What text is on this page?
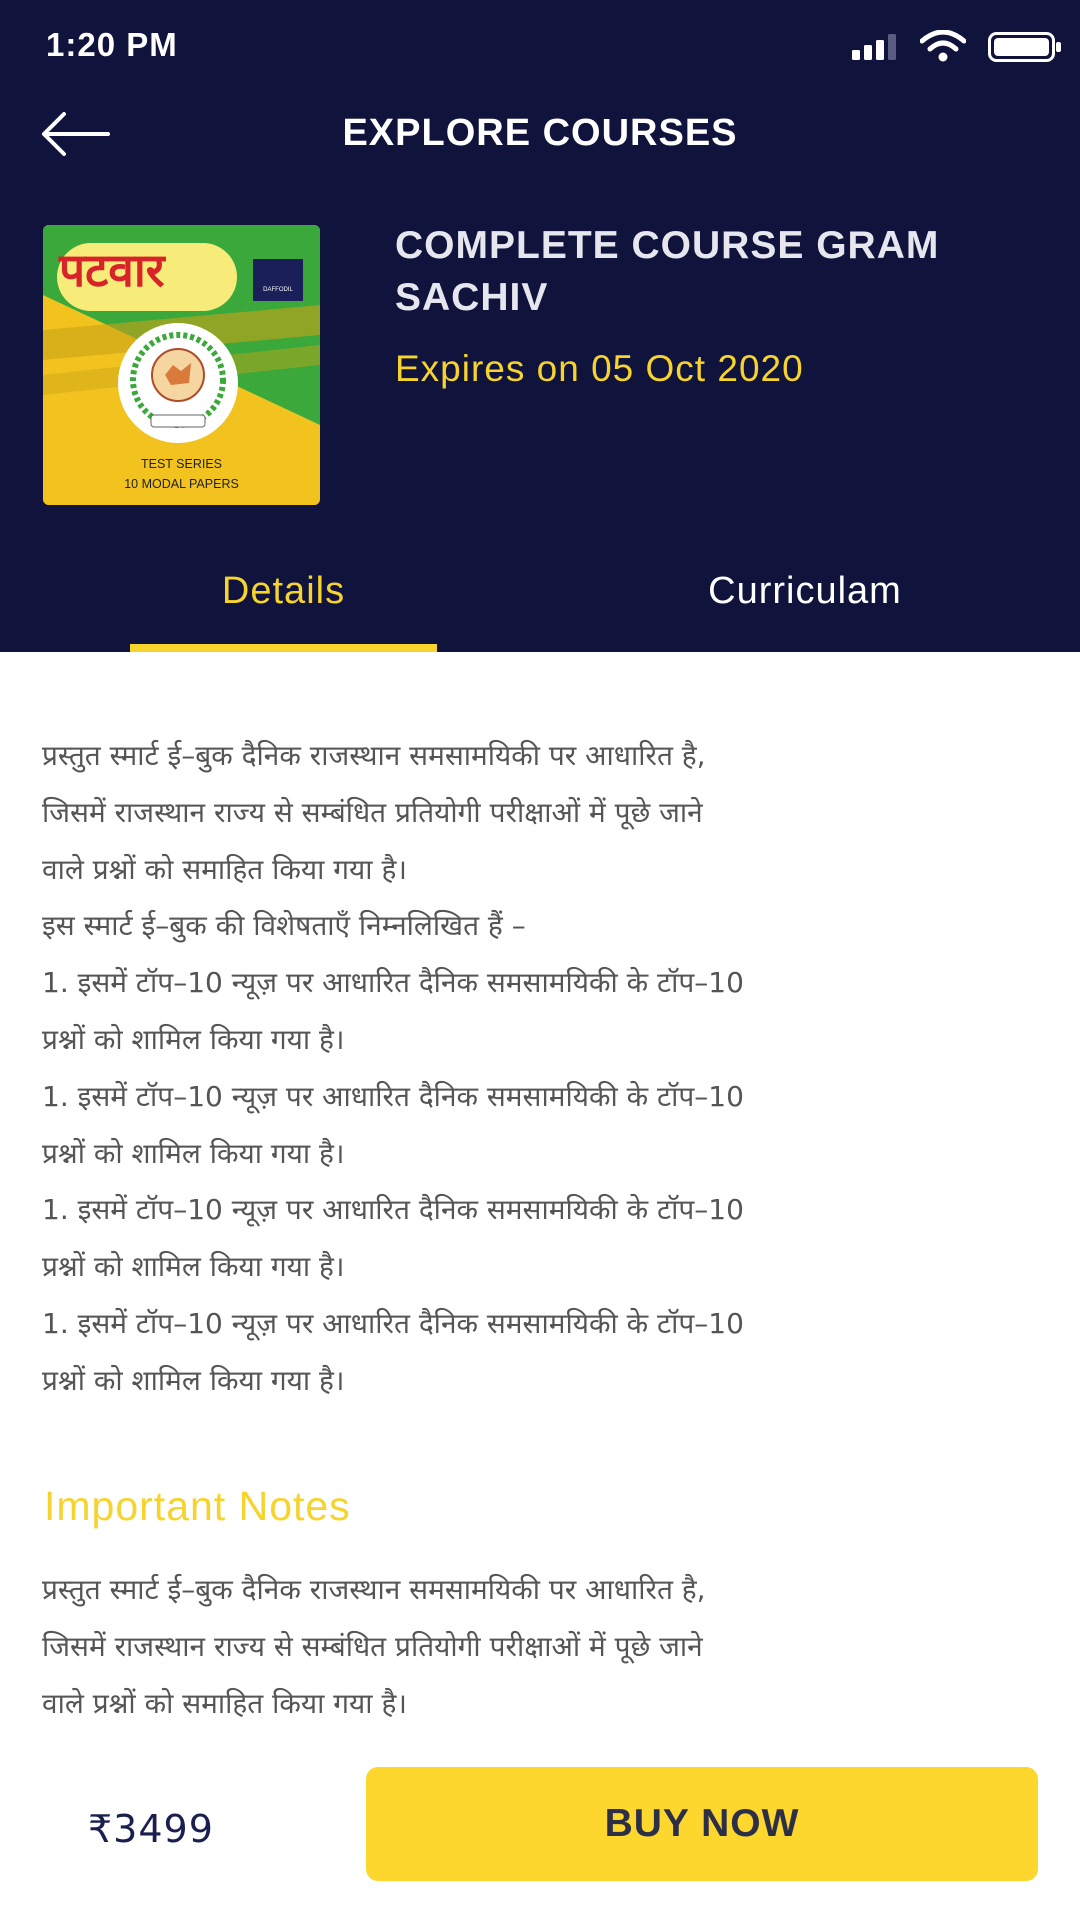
1:20 PM
EXPLORE COURSES
पटवार	DAFFODIL
TEST SERIES
10 MODAL PAPERS
COMPLETE COURSE GRAM SACHIV
Expires on 05 Oct 2020
Details	Curriculam
प्रस्तुत स्मार्ट ई–बुक दैनिक राजस्थान समसामयिकी पर आधारित है,
जिसमें राजस्थान राज्य से सम्बंधित प्रतियोगी परीक्षाओं में पूछे जाने
वाले प्रश्नों को समाहित किया गया है।
इस स्मार्ट ई–बुक की विशेषताएँ निम्नलिखित हैं –
1. इसमें टॉप–10 न्यूज़ पर आधारित दैनिक समसामयिकी के टॉप–10
प्रश्नों को शामिल किया गया है।
1. इसमें टॉप–10 न्यूज़ पर आधारित दैनिक समसामयिकी के टॉप–10
प्रश्नों को शामिल किया गया है।
1. इसमें टॉप–10 न्यूज़ पर आधारित दैनिक समसामयिकी के टॉप–10
प्रश्नों को शामिल किया गया है।
1. इसमें टॉप–10 न्यूज़ पर आधारित दैनिक समसामयिकी के टॉप–10
प्रश्नों को शामिल किया गया है।
Important Notes
प्रस्तुत स्मार्ट ई–बुक दैनिक राजस्थान समसामयिकी पर आधारित है,
जिसमें राजस्थान राज्य से सम्बंधित प्रतियोगी परीक्षाओं में पूछे जाने
वाले प्रश्नों को समाहित किया गया है।
₹3499	BUY NOW
